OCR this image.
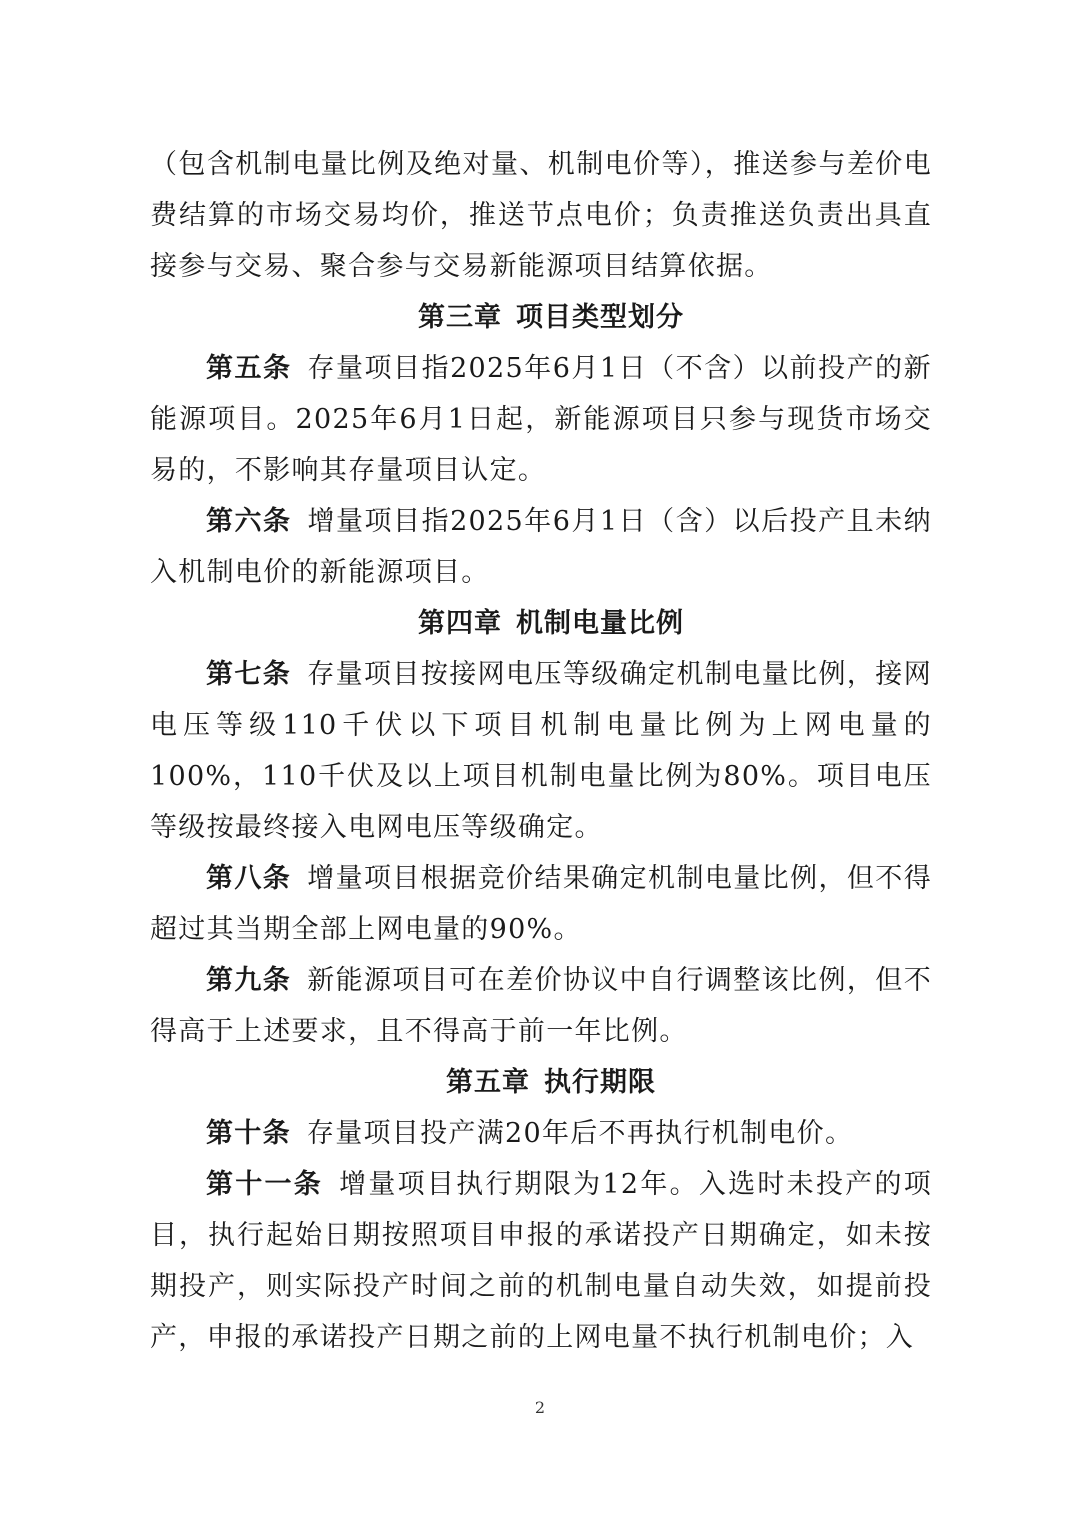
（包含机制电量比例及绝对量、机制电价等），推送参与差价电费结算的市场交易均价，推送节点电价；负责推送负责出具直接参与交易、聚合参与交易新能源项目结算依据。

第三章 项目类型划分

第五条 存量项目指2025年6月1日（不含）以前投产的新能源项目。2025年6月1日起，新能源项目只参与现货市场交易的，不影响其存量项目认定。

第六条 增量项目指2025年6月1日（含）以后投产且未纳入机制电价的新能源项目。

第四章 机制电量比例

第七条 存量项目按接网电压等级确定机制电量比例，接网电压等级110千伏以下项目机制电量比例为上网电量的100%，110千伏及以上项目机制电量比例为80%。项目电压等级按最终接入电网电压等级确定。

第八条 增量项目根据竞价结果确定机制电量比例，但不得超过其当期全部上网电量的90%。

第九条 新能源项目可在差价协议中自行调整该比例，但不得高于上述要求，且不得高于前一年比例。

第五章 执行期限

第十条 存量项目投产满20年后不再执行机制电价。

第十一条 增量项目执行期限为12年。入选时未投产的项目，执行起始日期按照项目申报的承诺投产日期确定，如未按期投产，则实际投产时间之前的机制电量自动失效，如提前投产，申报的承诺投产日期之前的上网电量不执行机制电价；入

2
